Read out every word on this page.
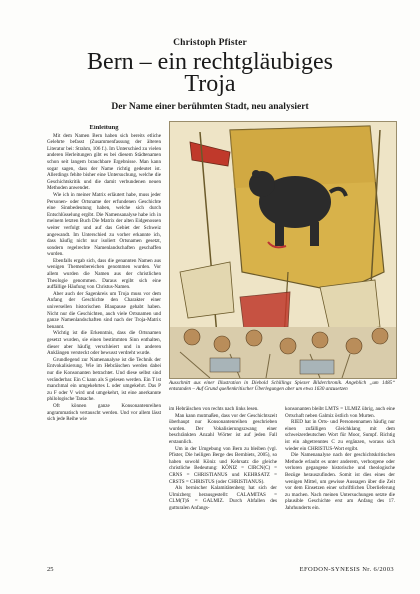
Christoph Pfister
Bern – ein rechtgläubiges
Troja
Der Name einer berühmten Stadt, neu analysiert
Einleitung

Mit dem Namen Bern haben sich bereits etliche Gelehrte befasst (Zusammenfassung der älteren Literatur bei: Strahm, 106 f.). Im Unterschied zu vielen anderen Herleitungen gibt es bei diesem Städtenamen schon seit langem brauchbare Ergebnisse. Man kann sogar sagen, dass der Name richtig gedeutet ist. Allerdings fehlte bisher eine Untersuchung, welche die Geschichtskritik und die damit verbundenen neuen Methoden anwendet.

Wie ich in meiner Matrix erläutert habe, muss jeder Personen- oder Ortsname der erfundenen Geschichte eine Sinnbedeutung haben, welche sich durch Entschlüsselung ergibt. Die Namensanalyse habe ich in meinem letzten Buch Die Matrix der alten Eidgenossen weiter verfolgt und auf das Gebiet der Schweiz angewandt. Im Unterschied zu vorher erkannte ich, dass häufig nicht nur isoliert Ortsnamen gesetzt, sondern regelrechte Namenlandschaften geschaffen wurden.

Ebenfalls ergab sich, dass die genannten Namen aus wenigen Themenbereichen genommen wurden. Vor allem wurden die Namen aus der christlichen Theologie genommen. Daraus ergibt sich eine auffällige Häufung von Christus-Namen.

Aber auch der Sagenkreis um Troja muss vor dem Anfang der Geschichte den Charakter einer universellen historischen Blaupause gehabt haben. Nicht nur die Geschichten, auch viele Ortsnamen und ganze Namenlandschaften sind nach der Troja-Matrix benannt.

Wichtig ist die Erkenntnis, dass die Ortsnamen gesetzt wurden, sie einen bestimmten Sinn enthalten, dieser aber häufig verschleiert und in anderen Anklängen versteckt oder bewusst verdreht wurde.

Grundlegend zur Namenanalyse ist die Technik der Entvokalisierung. Wie im Hebräischen werden dabei nur die Konsonanten betrachtet. Und diese selbst sind veränderbar. Ein C kann als S gelesen werden. Ein T ist manchmal ein umgekehrtes L oder umgekehrt. Das P zu F oder V wird und umgekehrt, ist eine anerkannte philologische Tatsache.

Oft können ganze Konsonantenreihen angrammatisch vertauscht werden. Und vor allem lässt sich jede Reihe wie

Ausschnitt aus einer Illustration in Diebold Schillings Spiezer Bilderchronik. Angeblich „um 1485“ entstanden – Auf Grund quellenkritischer Überlegungen aber um etwa 1630 anzusetzen

im Hebräischen von rechts nach links lesen.

Man kann mutmaßen, dass vor der Geschichtszeit überhaupt nur Konsonantenreihen geschrieben wurden. Der Vokalisierungszwang einer beschränkten Anzahl Wörter ist auf jeden Fall erstaunlich.

Um in der Umgebung von Bern zu bleiben (vgl. Pfister, Die heiligen Berge des Bernbiets, 2005), so haben sowohl Köniz und Kehrsatz die gleiche christliche Bedeutung: KÖNIZ = CIRCN(C) = CRNS = CHRISTIANUS und KEHRSATZ = CRSTS = CHRISTUS (oder CHRISTIANUS).

Als bernischer Kalamitätenberg hat sich der Ulmizberg herausgestellt: CALAMITAS = CLM(T)S = GALMIZ. Durch Abfallen des gutturalen Anfangs-

konsonanten bleibt LMTS = ULMIZ übrig, auch eine Ortschaft neben Galmiz östlich von Murten.

RIED hat in Orts- und Personennamen häufig nur einen zufälligen Gleichklang mit dem schweizerdeutschen Wort für Moor, Sumpf. Richtig ist ein abgetrenntes C zu ergänzen, woraus sich wieder ein CHRISTUS-Wort ergibt.

Die Namenanalyse nach der geschichtskritischen Methode erlaubt es unter anderem, verborgene oder verloren gegangene historische und theologische Bezüge herauszufinden. Somit ist dies eines der wenigen Mittel, um gewisse Aussagen über die Zeit vor dem Einsetzen einer schriftlichen Überlieferung zu machen. Nach meinen Untersuchungen setzte die plausible Geschichte erst am Anfang des 17. Jahrhunderts ein.

25	EFODON-SYNESIS Nr. 6/2003
